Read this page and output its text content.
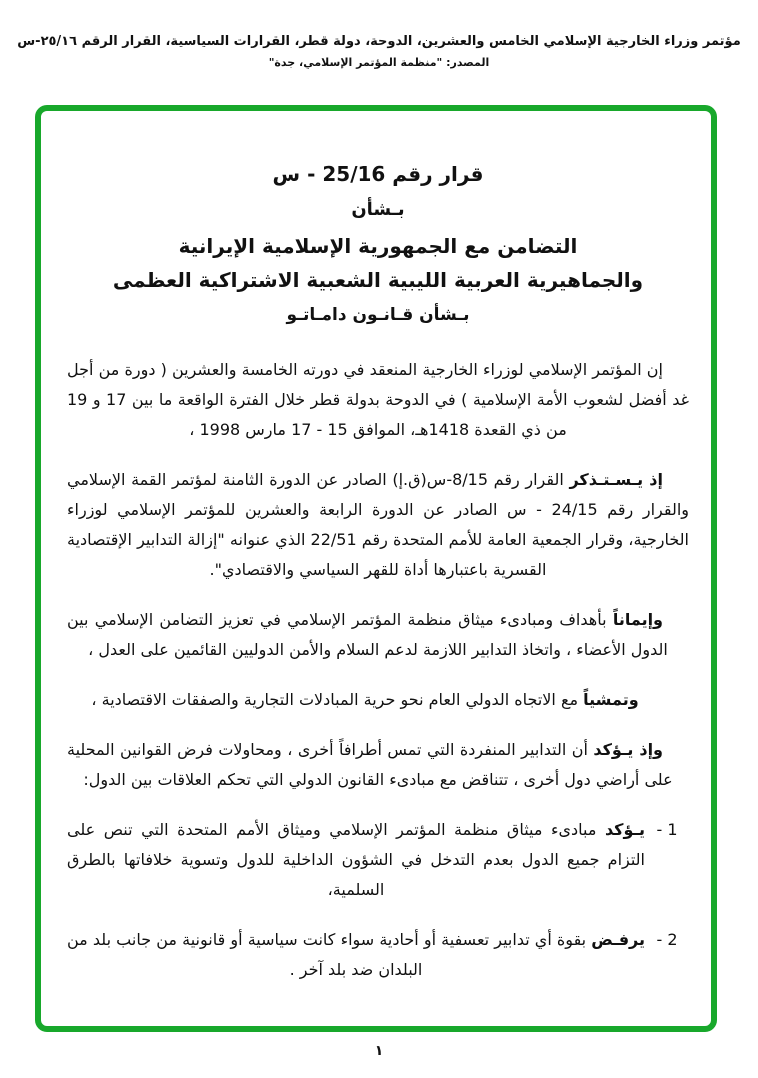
مؤتمر وزراء الخارجية الإسلامي الخامس والعشرين، الدوحة، دولة قطر، القرارات السياسية، القرار الرقم ٢٥/١٦-س
المصدر: "منظمة المؤتمر الإسلامي، جدة"
قرار رقم 25/16 - س
بـشأن
التضامن مع الجمهورية الإسلامية الإيرانية
والجماهيرية العربية الليبية الشعبية الاشتراكية العظمى
بـشأن قـانـون دامـاتـو

إن المؤتمر الإسلامي لوزراء الخارجية المنعقد في دورته الخامسة والعشرين ( دورة من أجل غد أفضل لشعوب الأمة الإسلامية ) في الدوحة بدولة قطر خلال الفترة الواقعة ما بين 17 و 19 من ذي القعدة 1418هـ، الموافق 15 - 17 مارس 1998 ،

إذ يـسـتـذكر القرار رقم 8/15-س(ق.إ) الصادر عن الدورة الثامنة لمؤتمر القمة الإسلامي والقرار رقم 24/15 - س الصادر عن الدورة الرابعة والعشرين للمؤتمر الإسلامي لوزراء الخارجية، وقرار الجمعية العامة للأمم المتحدة رقم 22/51 الذي عنوانه "إزالة التدابير الإقتصادية القسرية باعتبارها أداة للقهر السياسي والاقتصادي".

وإيماناً بأهداف ومبادىء ميثاق منظمة المؤتمر الإسلامي في تعزيز التضامن الإسلامي بين الدول الأعضاء ، واتخاذ التدابير اللازمة لدعم السلام والأمن الدوليين القائمين على العدل ،

وتمشياً مع الاتجاه الدولي العام نحو حرية المبادلات التجارية والصفقات الاقتصادية ،

وإذ يـؤكد أن التدابير المنفردة التي تمس أطرافاً أخرى ، ومحاولات فرض القوانين المحلية على أراضي دول أخرى ، تتناقض مع مبادىء القانون الدولي التي تحكم العلاقات بين الدول:

1 -
يـؤكد مبادىء ميثاق منظمة المؤتمر الإسلامي وميثاق الأمم المتحدة التي تنص على التزام جميع الدول بعدم التدخل في الشؤون الداخلية للدول وتسوية خلافاتها بالطرق السلمية،
2 -
يرفـض بقوة أي تدابير تعسفية أو أحادية سواء كانت سياسية أو قانونية من جانب بلد من البلدان ضد بلد آخر .
١
